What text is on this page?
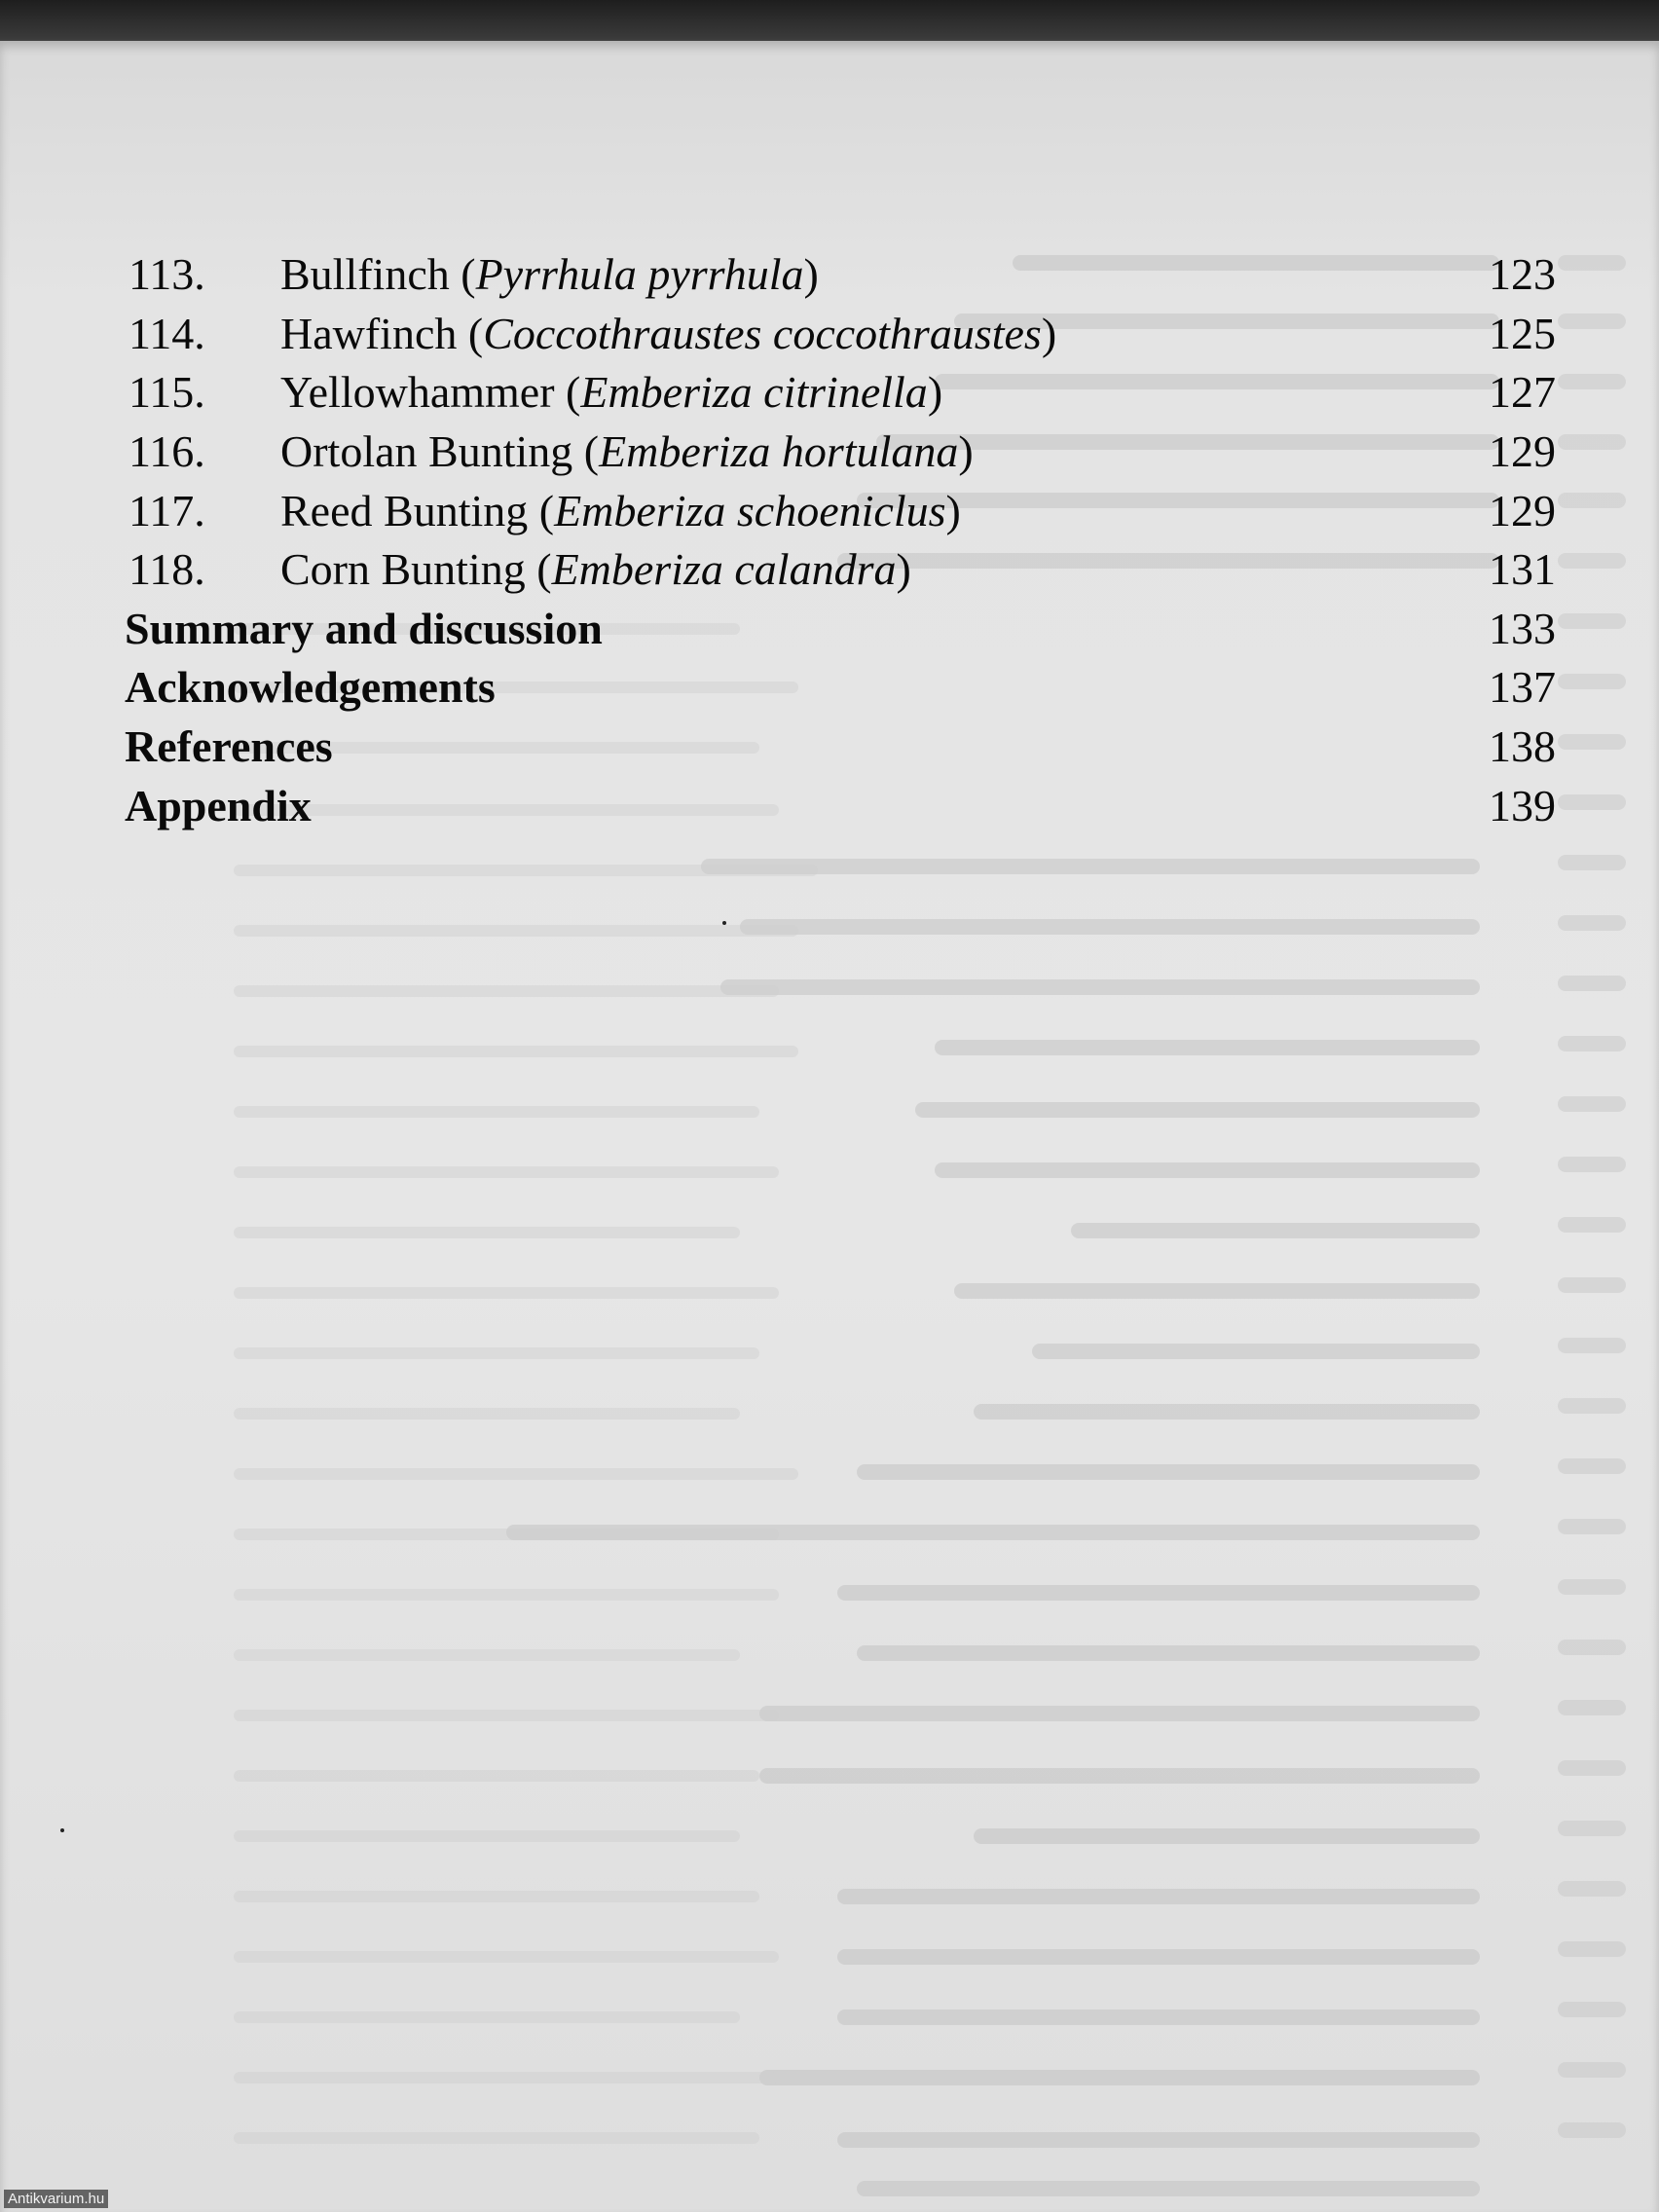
113.	Bullfinch (Pyrrhula pyrrhula)	123
114.	Hawfinch (Coccothraustes coccothraustes)	125
115.	Yellowhammer (Emberiza citrinella)	127
116.	Ortolan Bunting (Emberiza hortulana)	129
117.	Reed Bunting (Emberiza schoeniclus)	129
118.	Corn Bunting (Emberiza calandra)	131
Summary and discussion	133
Acknowledgements	137
References	138
Appendix	139
Antikvarium.hu
